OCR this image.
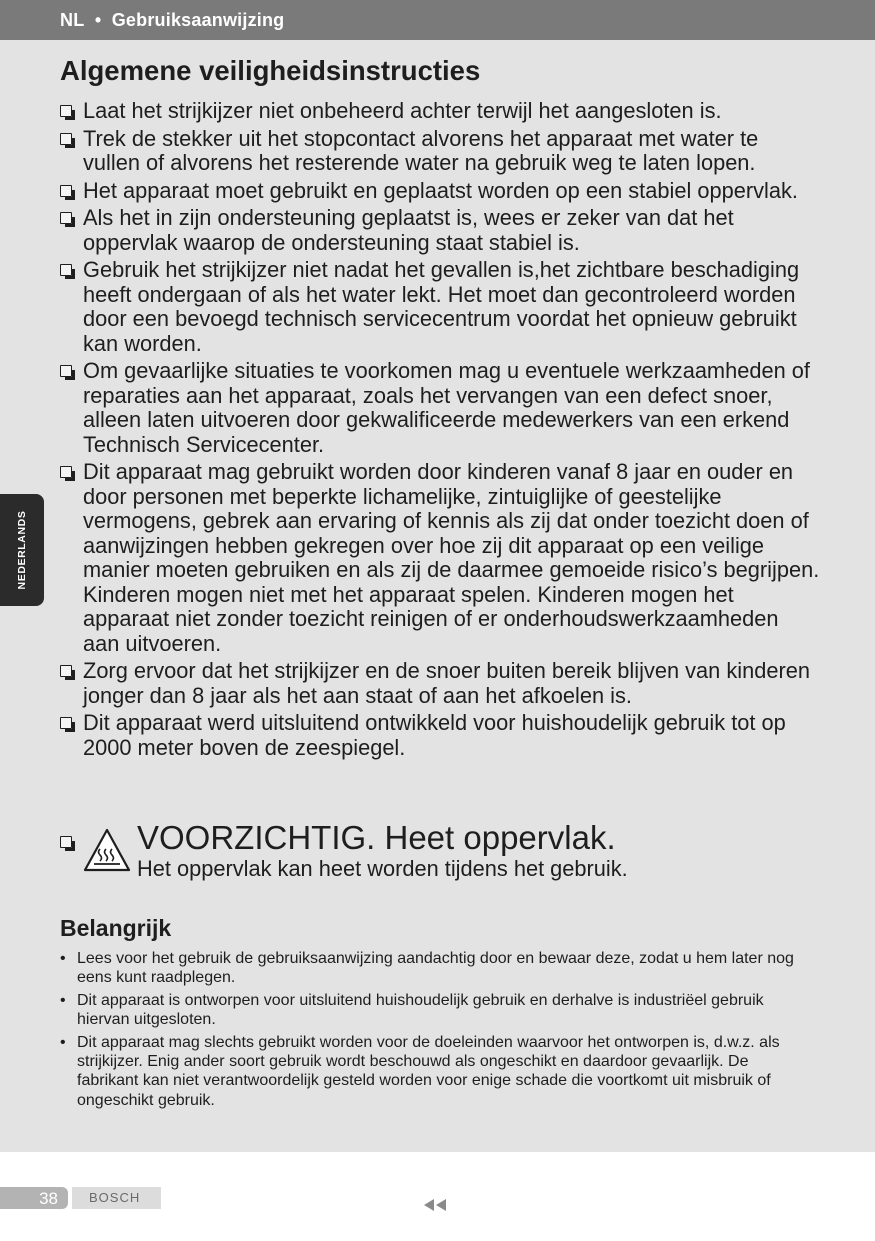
NL • Gebruiksaanwijzing
NEDERLANDS
Algemene veiligheidsinstructies
Laat het strijkijzer niet onbeheerd achter terwijl het aangesloten is.
Trek de stekker uit het stopcontact alvorens het apparaat met water te vullen of alvorens het resterende water na gebruik weg te laten lopen.
Het apparaat moet gebruikt en geplaatst worden op een stabiel oppervlak.
Als het in zijn ondersteuning geplaatst is, wees er zeker van dat het oppervlak waarop de ondersteuning staat stabiel is.
Gebruik het strijkijzer niet nadat het gevallen is,het zichtbare beschadiging heeft ondergaan of als het water lekt. Het moet dan gecontroleerd worden door een bevoegd technisch servicecentrum voordat het opnieuw gebruikt kan worden.
Om gevaarlijke situaties te voorkomen mag u eventuele werkzaamheden of reparaties aan het apparaat, zoals het vervangen van een defect snoer, alleen laten uitvoeren door gekwalificeerde medewerkers van een erkend Technisch Servicecenter.
Dit apparaat mag gebruikt worden door kinderen vanaf 8 jaar en ouder en door personen met beperkte lichamelijke, zintuiglijke of geestelijke vermogens, gebrek aan ervaring of kennis als zij dat onder toezicht doen of aanwijzingen hebben gekregen over hoe zij dit apparaat op een veilige manier moeten gebruiken en als zij de daarmee gemoeide risico’s begrijpen. Kinderen mogen niet met het apparaat spelen. Kinderen mogen het apparaat niet zonder toezicht reinigen of er onderhoudswerkzaamheden aan uitvoeren.
Zorg ervoor dat het strijkijzer en de snoer buiten bereik blijven van kinderen jonger dan 8 jaar als het aan staat of aan het afkoelen is.
Dit apparaat werd uitsluitend ontwikkeld voor huishoudelijk gebruik tot op 2000 meter boven de zeespiegel.
VOORZICHTIG. Heet oppervlak.
Het oppervlak kan heet worden tijdens het gebruik.
Belangrijk
• Lees voor het gebruik de gebruiksaanwijzing aandachtig door en bewaar deze, zodat u hem later nog eens kunt raadplegen.
• Dit apparaat is ontworpen voor uitsluitend huishoudelijk gebruik en derhalve is industriëel gebruik hiervan uitgesloten.
• Dit apparaat mag slechts gebruikt worden voor de doeleinden waarvoor het ontworpen is, d.w.z. als strijkijzer. Enig ander soort gebruik wordt beschouwd als ongeschikt en daardoor gevaarlijk. De fabrikant kan niet verantwoordelijk gesteld worden voor enige schade die voortkomt uit misbruik of ongeschikt gebruik.
38 BOSCH
